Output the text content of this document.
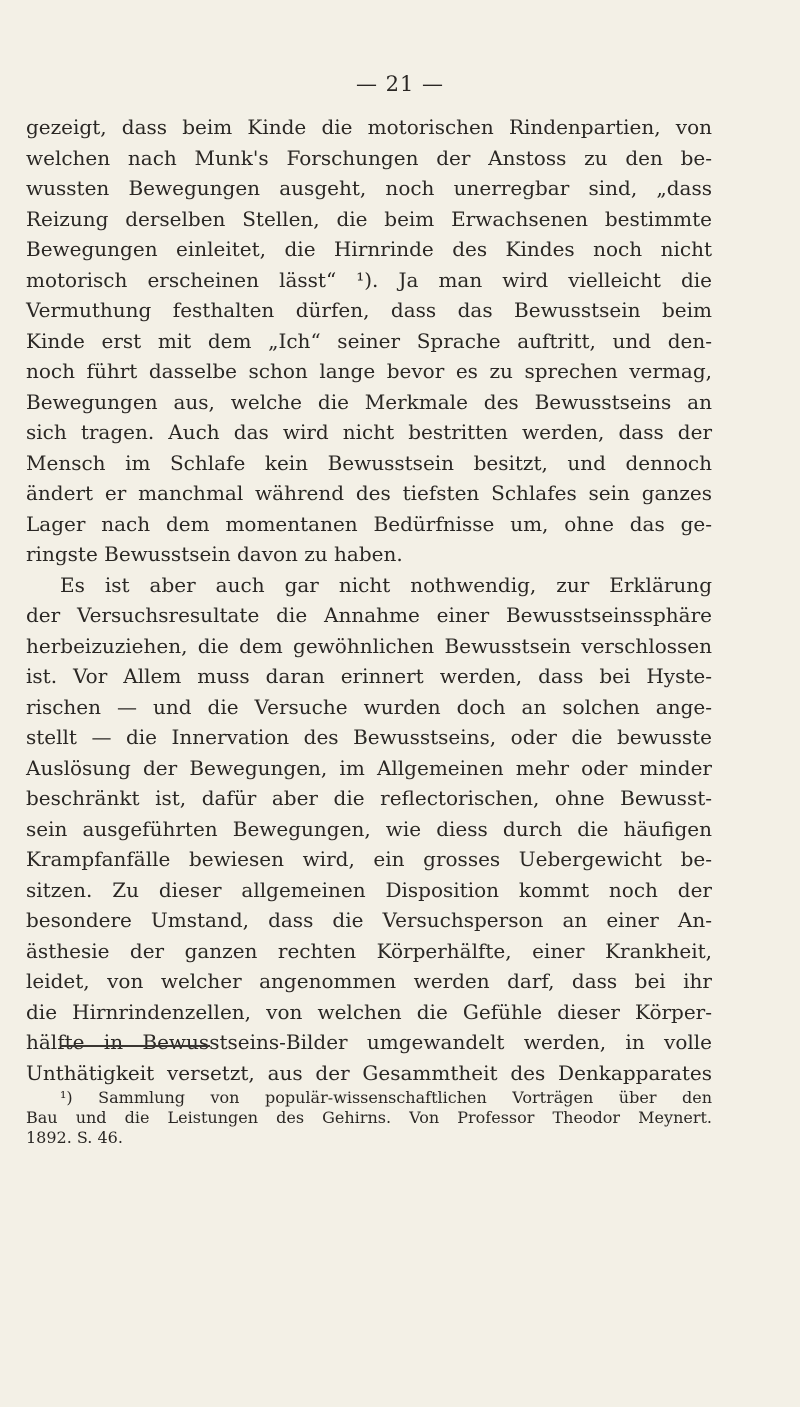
— 21 —
gezeigt, dass beim Kinde die motorischen Rindenpartien, von
welchen nach Munk's Forschungen der Anstoss zu den be-
wussten Bewegungen ausgeht, noch unerregbar sind, „dass
Reizung derselben Stellen, die beim Erwachsenen bestimmte
Bewegungen einleitet, die Hirnrinde des Kindes noch nicht
motorisch erscheinen lässt“ ¹). Ja man wird vielleicht die
Vermuthung festhalten dürfen, dass das Bewusstsein beim
Kinde erst mit dem „Ich“ seiner Sprache auftritt, und den-
noch führt dasselbe schon lange bevor es zu sprechen vermag,
Bewegungen aus, welche die Merkmale des Bewusstseins an
sich tragen. Auch das wird nicht bestritten werden, dass der
Mensch im Schlafe kein Bewusstsein besitzt, und dennoch
ändert er manchmal während des tiefsten Schlafes sein ganzes
Lager nach dem momentanen Bedürfnisse um, ohne das ge-
ringste Bewusstsein davon zu haben.
Es ist aber auch gar nicht nothwendig, zur Erklärung
der Versuchsresultate die Annahme einer Bewusstseinssphäre
herbeizuziehen, die dem gewöhnlichen Bewusstsein verschlossen
ist. Vor Allem muss daran erinnert werden, dass bei Hyste-
rischen — und die Versuche wurden doch an solchen ange-
stellt — die Innervation des Bewusstseins, oder die bewusste
Auslösung der Bewegungen, im Allgemeinen mehr oder minder
beschränkt ist, dafür aber die reflectorischen, ohne Bewusst-
sein ausgeführten Bewegungen, wie diess durch die häufigen
Krampfanfälle bewiesen wird, ein grosses Uebergewicht be-
sitzen. Zu dieser allgemeinen Disposition kommt noch der
besondere Umstand, dass die Versuchsperson an einer An-
ästhesie der ganzen rechten Körperhälfte, einer Krankheit,
leidet, von welcher angenommen werden darf, dass bei ihr
die Hirnrindenzellen, von welchen die Gefühle dieser Körper-
hälfte in Bewusstseins-Bilder umgewandelt werden, in volle
Unthätigkeit versetzt, aus der Gesammtheit des Denkapparates
¹) Sammlung von populär-wissenschaftlichen Vorträgen über den
Bau und die Leistungen des Gehirns. Von Professor Theodor Meynert.
1892. S. 46.
